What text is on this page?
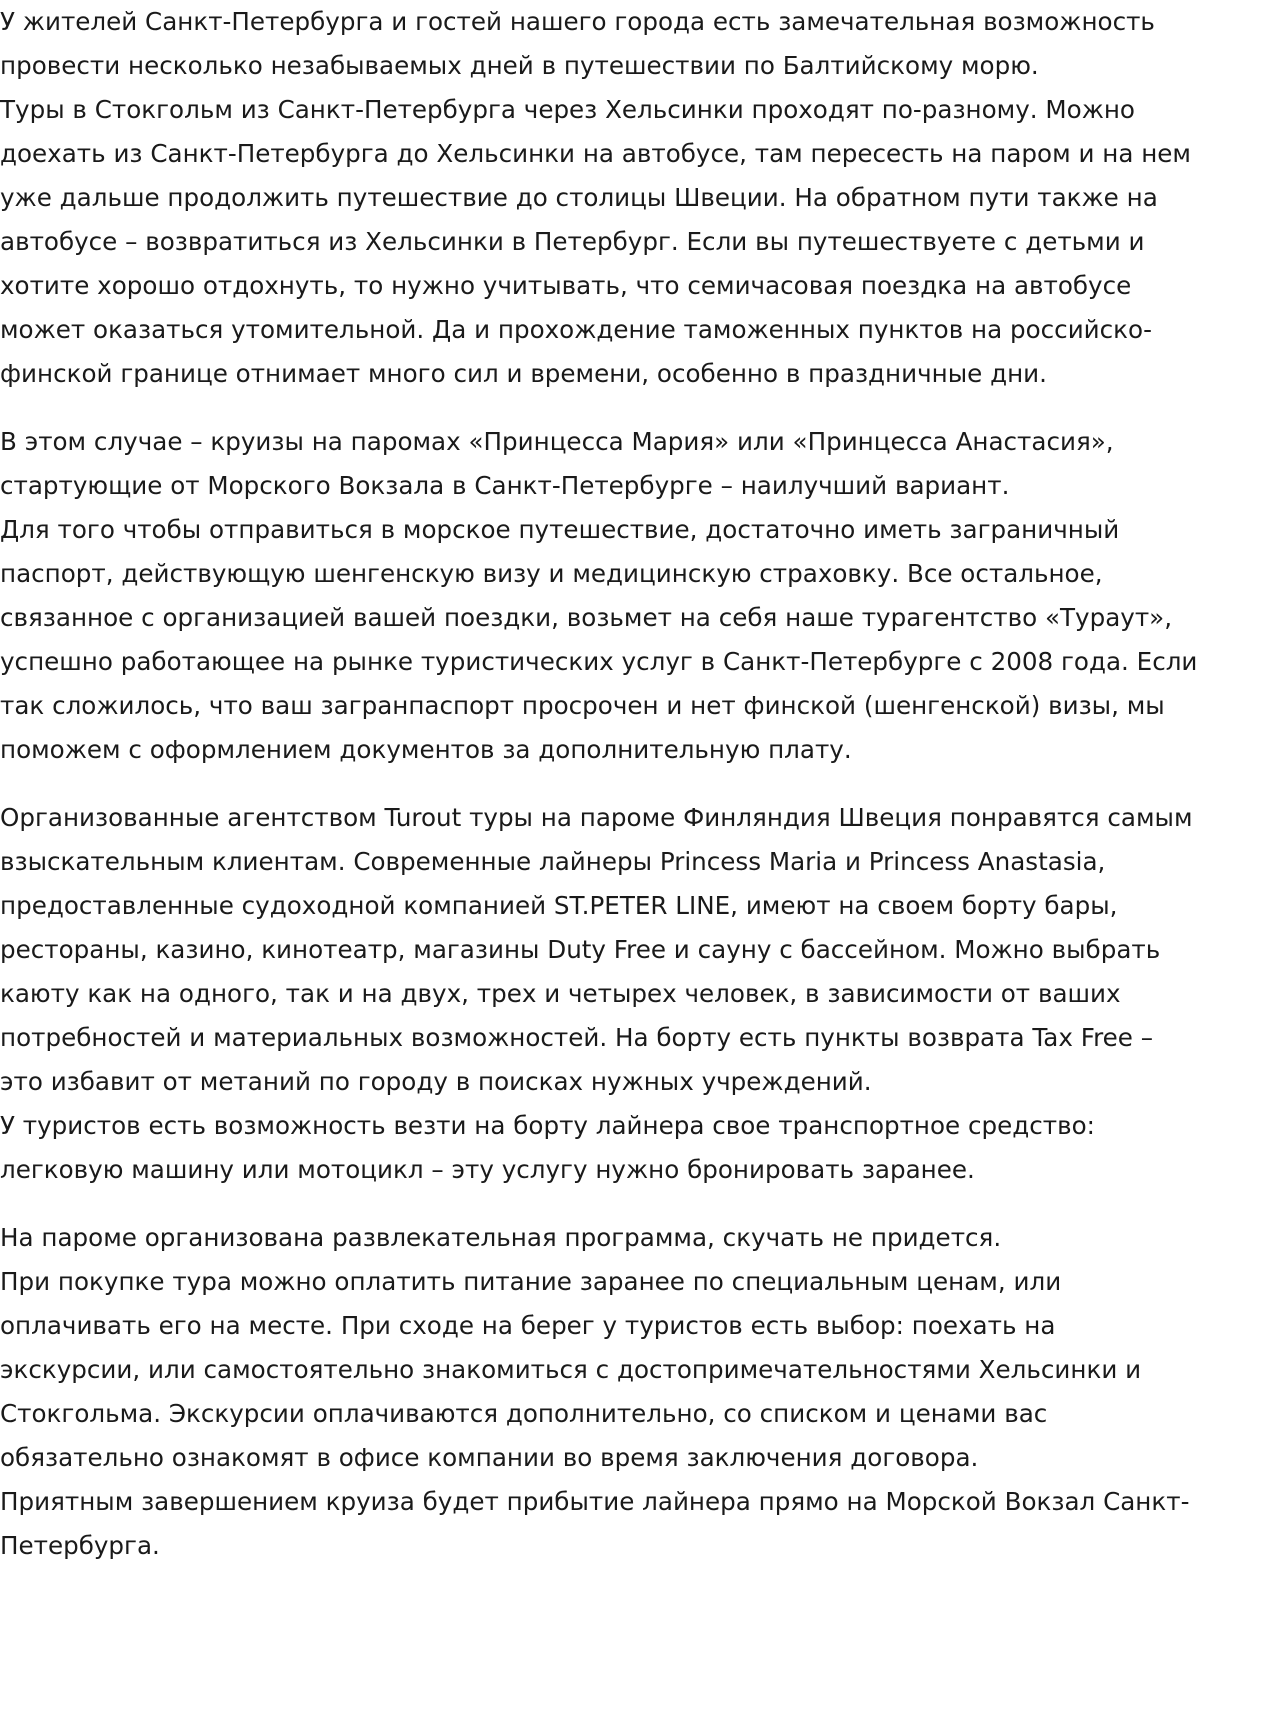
У жителей Санкт-Петербурга и гостей нашего города есть замечательная возможность
провести несколько незабываемых дней в путешествии по Балтийскому морю.
Туры в Стокгольм из Санкт-Петербурга через Хельсинки проходят по-разному. Можно
доехать из Санкт-Петербурга до Хельсинки на автобусе, там пересесть на паром и на нем
уже дальше продолжить путешествие до столицы Швеции. На обратном пути также на
автобусе – возвратиться из Хельсинки в Петербург. Если вы путешествуете с детьми и
хотите хорошо отдохнуть, то нужно учитывать, что семичасовая поездка на автобусе
может оказаться утомительной. Да и прохождение таможенных пунктов на российско-
финской границе отнимает много сил и времени, особенно в праздничные дни.
В этом случае – круизы на паромах «Принцесса Мария» или «Принцесса Анастасия»,
стартующие от Морского Вокзала в Санкт-Петербурге – наилучший вариант.
Для того чтобы отправиться в морское путешествие, достаточно иметь заграничный
паспорт, действующую шенгенскую визу и медицинскую страховку. Все остальное,
связанное с организацией вашей поездки, возьмет на себя наше турагентство «Тураут»,
успешно работающее на рынке туристических услуг в Санкт-Петербурге с 2008 года. Если
так сложилось, что ваш загранпаспорт просрочен и нет финской (шенгенской) визы, мы
поможем с оформлением документов за дополнительную плату.
Организованные агентством Turout туры на пароме Финляндия Швеция понравятся самым
взыскательным клиентам. Современные лайнеры Princess Maria и Princess Anastasia,
предоставленные судоходной компанией ST.PETER LINE, имеют на своем борту бары,
рестораны, казино, кинотеатр, магазины Duty Free и сауну с бассейном. Можно выбрать
каюту как на одного, так и на двух, трех и четырех человек, в зависимости от ваших
потребностей и материальных возможностей. На борту есть пункты возврата Tax Free –
это избавит от метаний по городу в поисках нужных учреждений.
У туристов есть возможность везти на борту лайнера свое транспортное средство:
легковую машину или мотоцикл – эту услугу нужно бронировать заранее.
На пароме организована развлекательная программа, скучать не придется.
При покупке тура можно оплатить питание заранее по специальным ценам, или
оплачивать его на месте. При сходе на берег у туристов есть выбор: поехать на
экскурсии, или самостоятельно знакомиться с достопримечательностями Хельсинки и
Стокгольма. Экскурсии оплачиваются дополнительно, со списком и ценами вас
обязательно ознакомят в офисе компании во время заключения договора.
Приятным завершением круиза будет прибытие лайнера прямо на Морской Вокзал Санкт-
Петербурга.
